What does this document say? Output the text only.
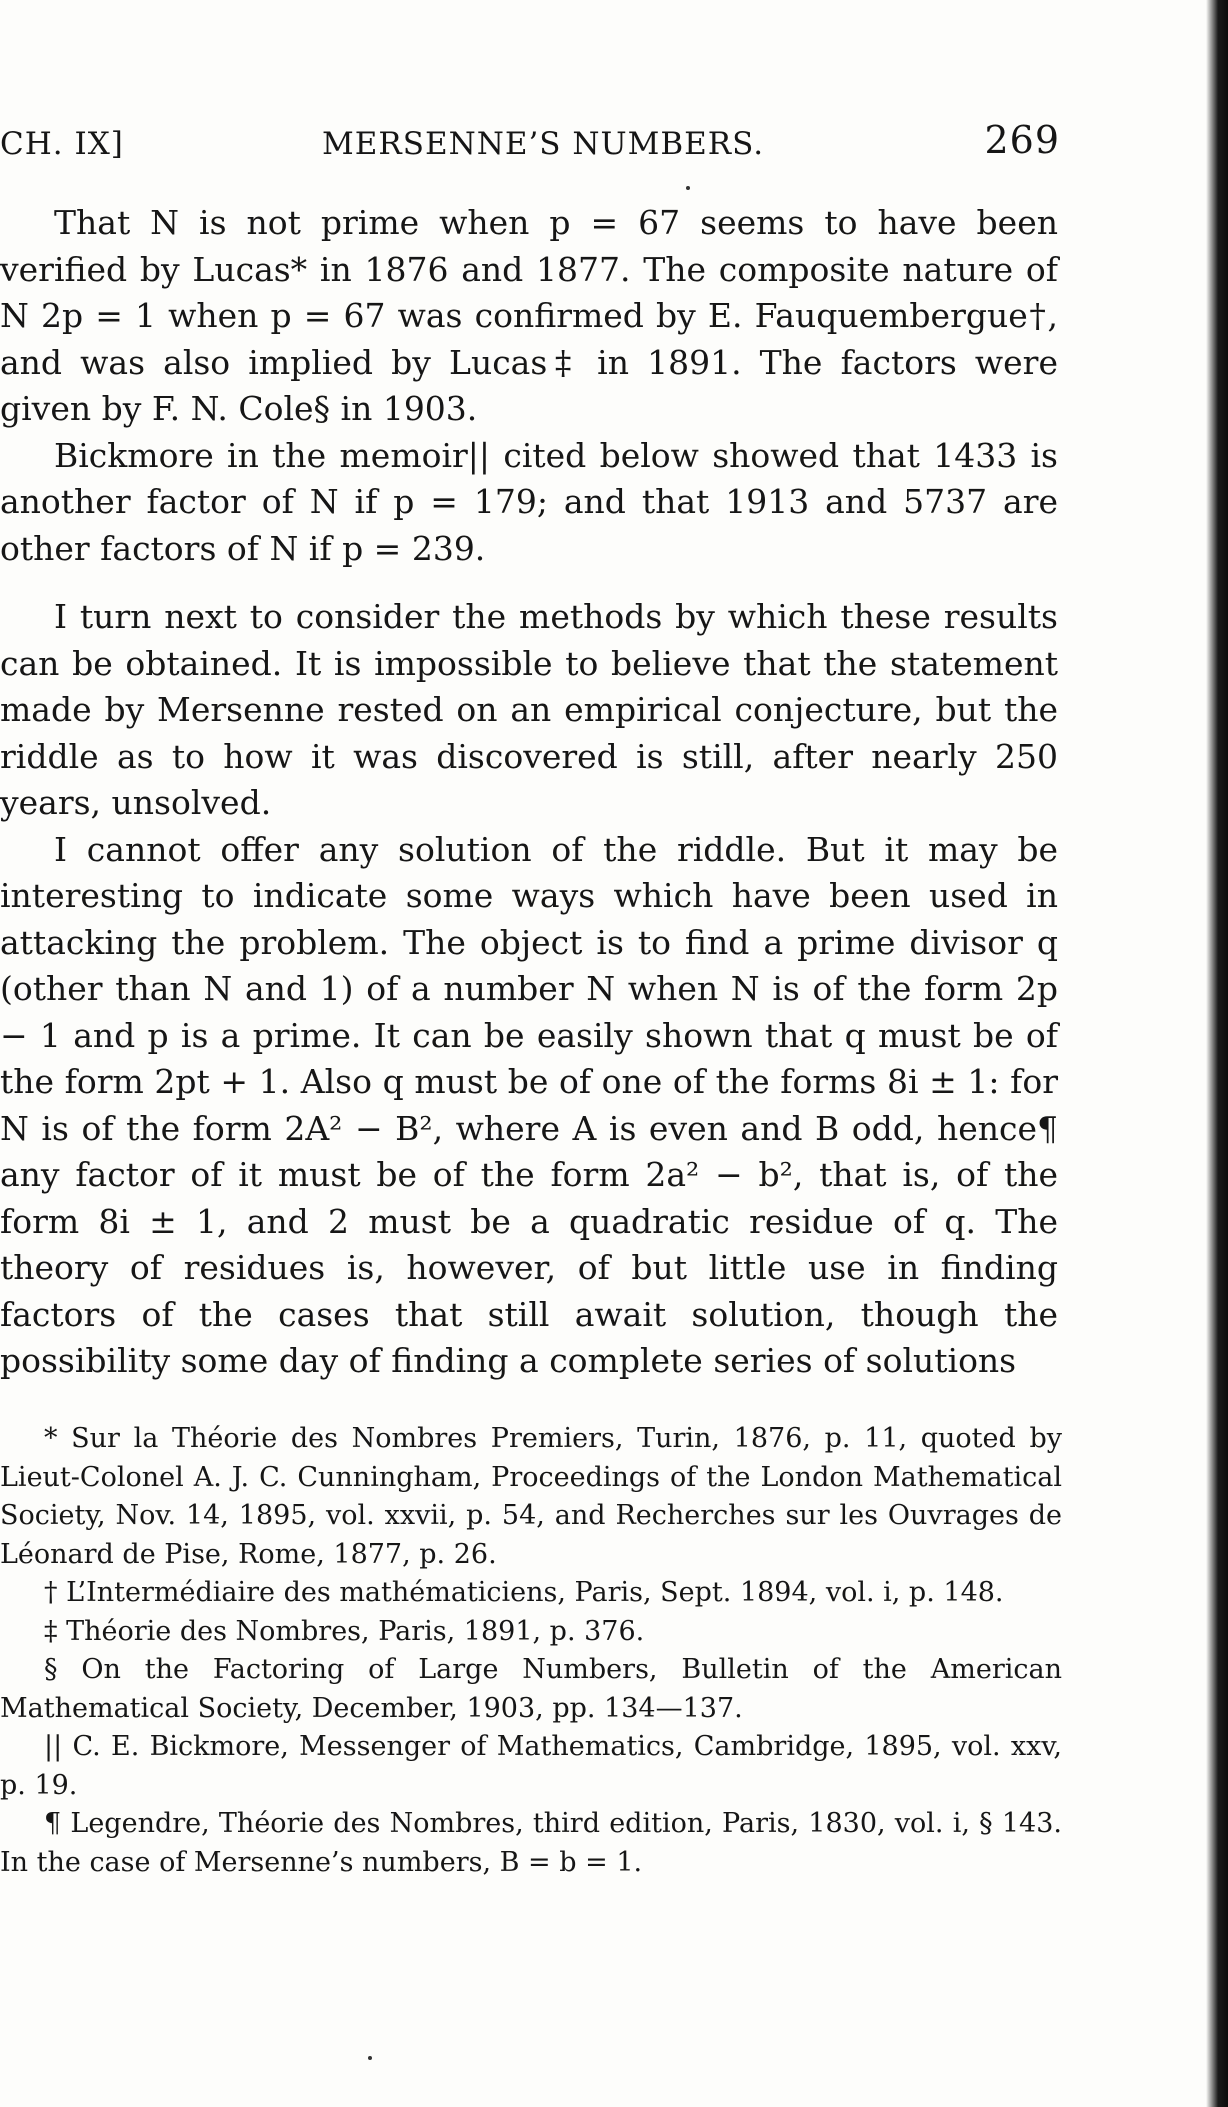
CH. IX]	MERSENNE’S NUMBERS.	269

That N is not prime when p = 67 seems to have been verified by Lucas* in 1876 and 1877. The composite nature of N 2p = 1 when p = 67 was confirmed by E. Fauquembergue†, and was also implied by Lucas‡ in 1891. The factors were given by F. N. Cole§ in 1903.

Bickmore in the memoir|| cited below showed that 1433 is another factor of N if p = 179; and that 1913 and 5737 are other factors of N if p = 239.

I turn next to consider the methods by which these results can be obtained. It is impossible to believe that the statement made by Mersenne rested on an empirical conjecture, but the riddle as to how it was discovered is still, after nearly 250 years, unsolved.

I cannot offer any solution of the riddle. But it may be interesting to indicate some ways which have been used in attacking the problem. The object is to find a prime divisor q (other than N and 1) of a number N when N is of the form 2p − 1 and p is a prime. It can be easily shown that q must be of the form 2pt + 1. Also q must be of one of the forms 8i ± 1: for N is of the form 2A² − B², where A is even and B odd, hence¶ any factor of it must be of the form 2a² − b², that is, of the form 8i ± 1, and 2 must be a quadratic residue of q. The theory of residues is, however, of but little use in finding factors of the cases that still await solution, though the possibility some day of finding a complete series of solutions

* Sur la Théorie des Nombres Premiers, Turin, 1876, p. 11, quoted by Lieut-Colonel A. J. C. Cunningham, Proceedings of the London Mathematical Society, Nov. 14, 1895, vol. xxvii, p. 54, and Recherches sur les Ouvrages de Léonard de Pise, Rome, 1877, p. 26.

† L’Intermédiaire des mathématiciens, Paris, Sept. 1894, vol. i, p. 148.

‡ Théorie des Nombres, Paris, 1891, p. 376.

§ On the Factoring of Large Numbers, Bulletin of the American Mathematical Society, December, 1903, pp. 134—137.

|| C. E. Bickmore, Messenger of Mathematics, Cambridge, 1895, vol. xxv, p. 19.

¶ Legendre, Théorie des Nombres, third edition, Paris, 1830, vol. i, § 143. In the case of Mersenne’s numbers, B = b = 1.
